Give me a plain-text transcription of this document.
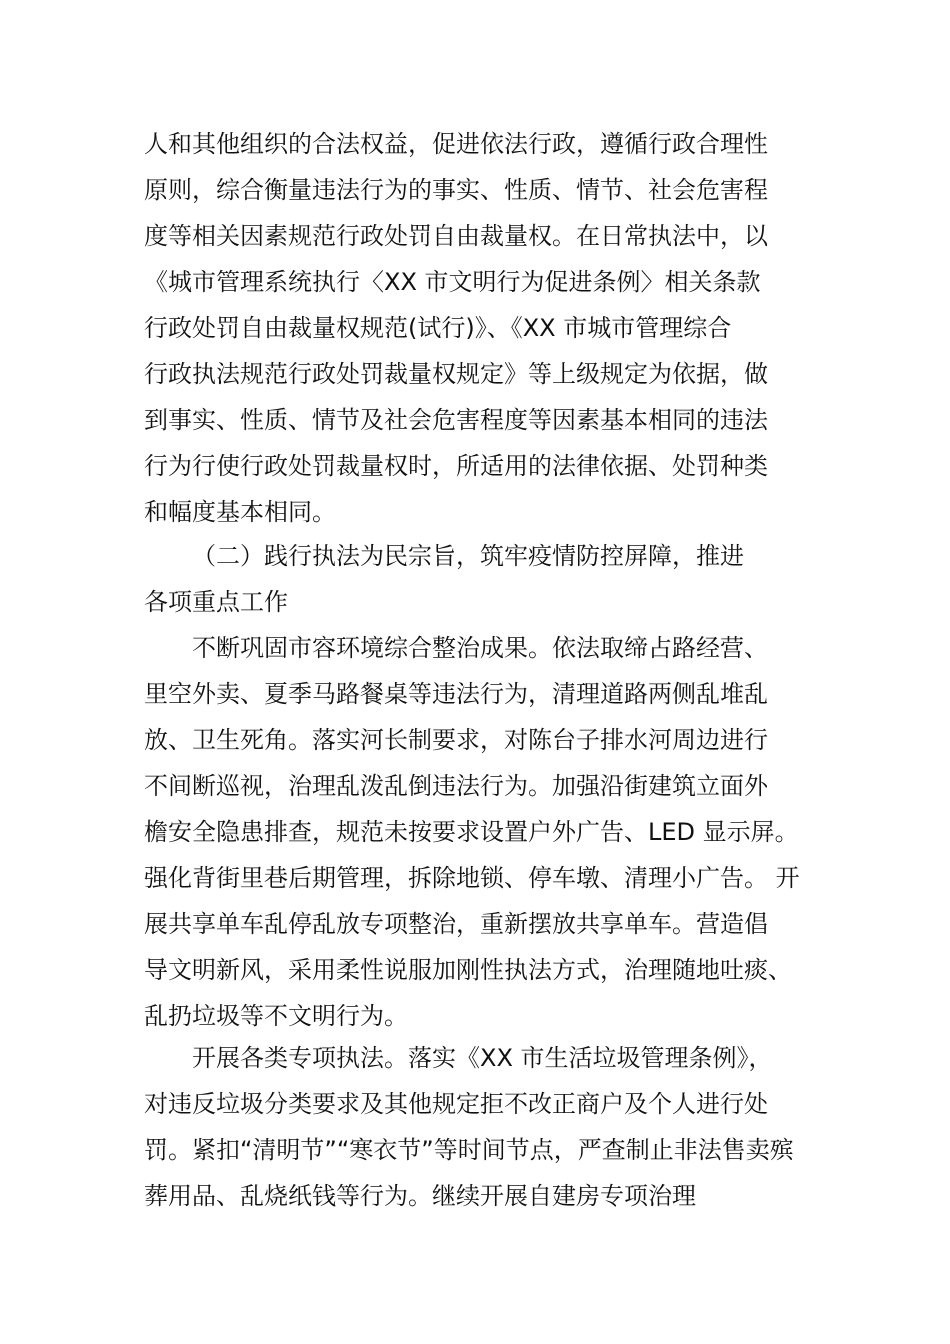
人和其他组织的合法权益，促进依法行政，遵循行政合理性
原则，综合衡量违法行为的事实、性质、情节、社会危害程
度等相关因素规范行政处罚自由裁量权。在日常执法中，以
《城市管理系统执行〈XX 市文明行为促进条例〉相关条款
行政处罚自由裁量权规范(试行)》、《XX 市城市管理综合
行政执法规范行政处罚裁量权规定》等上级规定为依据，做
到事实、性质、情节及社会危害程度等因素基本相同的违法
行为行使行政处罚裁量权时，所适用的法律依据、处罚种类
和幅度基本相同。
（二）践行执法为民宗旨，筑牢疫情防控屏障，推进
各项重点工作
不断巩固市容环境综合整治成果。依法取缔占路经营、
里空外卖、夏季马路餐桌等违法行为，清理道路两侧乱堆乱
放、卫生死角。落实河长制要求，对陈台子排水河周边进行
不间断巡视，治理乱泼乱倒违法行为。加强沿街建筑立面外
檐安全隐患排查，规范未按要求设置户外广告、LED 显示屏。
强化背街里巷后期管理，拆除地锁、停车墩、清理小广告。 开
展共享单车乱停乱放专项整治，重新摆放共享单车。营造倡
导文明新风，采用柔性说服加刚性执法方式，治理随地吐痰、
乱扔垃圾等不文明行为。
开展各类专项执法。落实《XX 市生活垃圾管理条例》，
对违反垃圾分类要求及其他规定拒不改正商户及个人进行处
罚。紧扣“清明节”“寒衣节”等时间节点，严查制止非法售卖殡
葬用品、乱烧纸钱等行为。继续开展自建房专项治理
